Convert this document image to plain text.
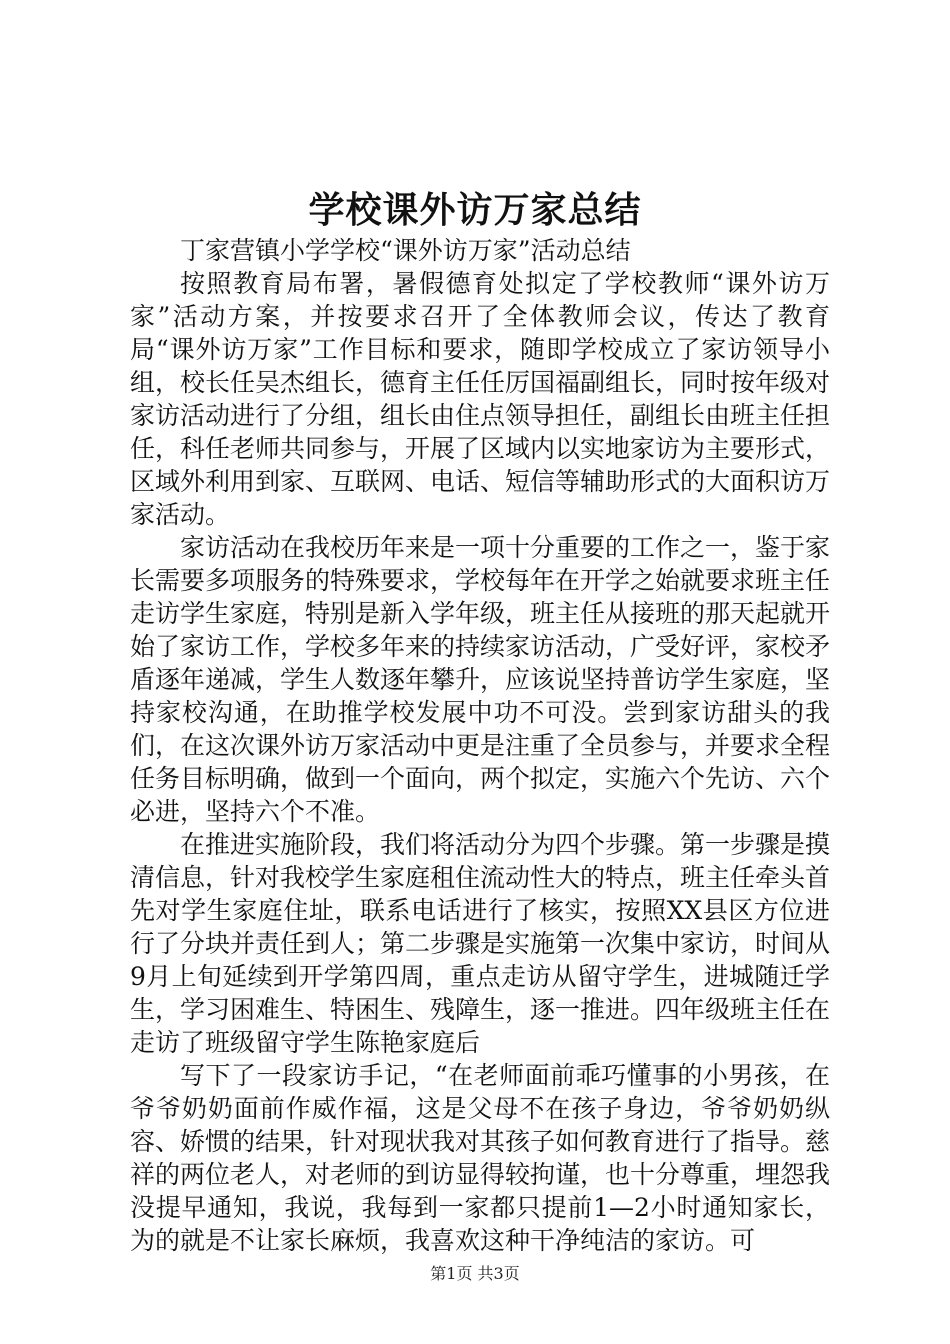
学校课外访万家总结

丁家营镇小学学校“课外访万家”活动总结

按照教育局布署，暑假德育处拟定了学校教师“课外访万家”活动方案，并按要求召开了全体教师会议，传达了教育局“课外访万家”工作目标和要求，随即学校成立了家访领导小组，校长任吴杰组长，德育主任任厉国福副组长，同时按年级对家访活动进行了分组，组长由住点领导担任，副组长由班主任担任，科任老师共同参与，开展了区域内以实地家访为主要形式，区域外利用到家、互联网、电话、短信等辅助形式的大面积访万家活动。

家访活动在我校历年来是一项十分重要的工作之一，鉴于家长需要多项服务的特殊要求，学校每年在开学之始就要求班主任走访学生家庭，特别是新入学年级，班主任从接班的那天起就开始了家访工作，学校多年来的持续家访活动，广受好评，家校矛盾逐年递减，学生人数逐年攀升，应该说坚持普访学生家庭，坚持家校沟通，在助推学校发展中功不可没。尝到家访甜头的我们，在这次课外访万家活动中更是注重了全员参与，并要求全程任务目标明确，做到一个面向，两个拟定，实施六个先访、六个必进，坚持六个不准。

在推进实施阶段，我们将活动分为四个步骤。第一步骤是摸清信息，针对我校学生家庭租住流动性大的特点，班主任牵头首先对学生家庭住址，联系电话进行了核实，按照XX县区方位进行了分块并责任到人；第二步骤是实施第一次集中家访，时间从9月上旬延续到开学第四周，重点走访从留守学生，进城随迁学生，学习困难生、特困生、残障生，逐一推进。四年级班主任在走访了班级留守学生陈艳家庭后

写下了一段家访手记，“在老师面前乖巧懂事的小男孩，在爷爷奶奶面前作威作福，这是父母不在孩子身边，爷爷奶奶纵容、娇惯的结果，针对现状我对其孩子如何教育进行了指导。慈祥的两位老人，对老师的到访显得较拘谨，也十分尊重，埋怨我没提早通知，我说，我每到一家都只提前1—2小时通知家长，为的就是不让家长麻烦，我喜欢这种干净纯洁的家访。可

第1页 共3页
